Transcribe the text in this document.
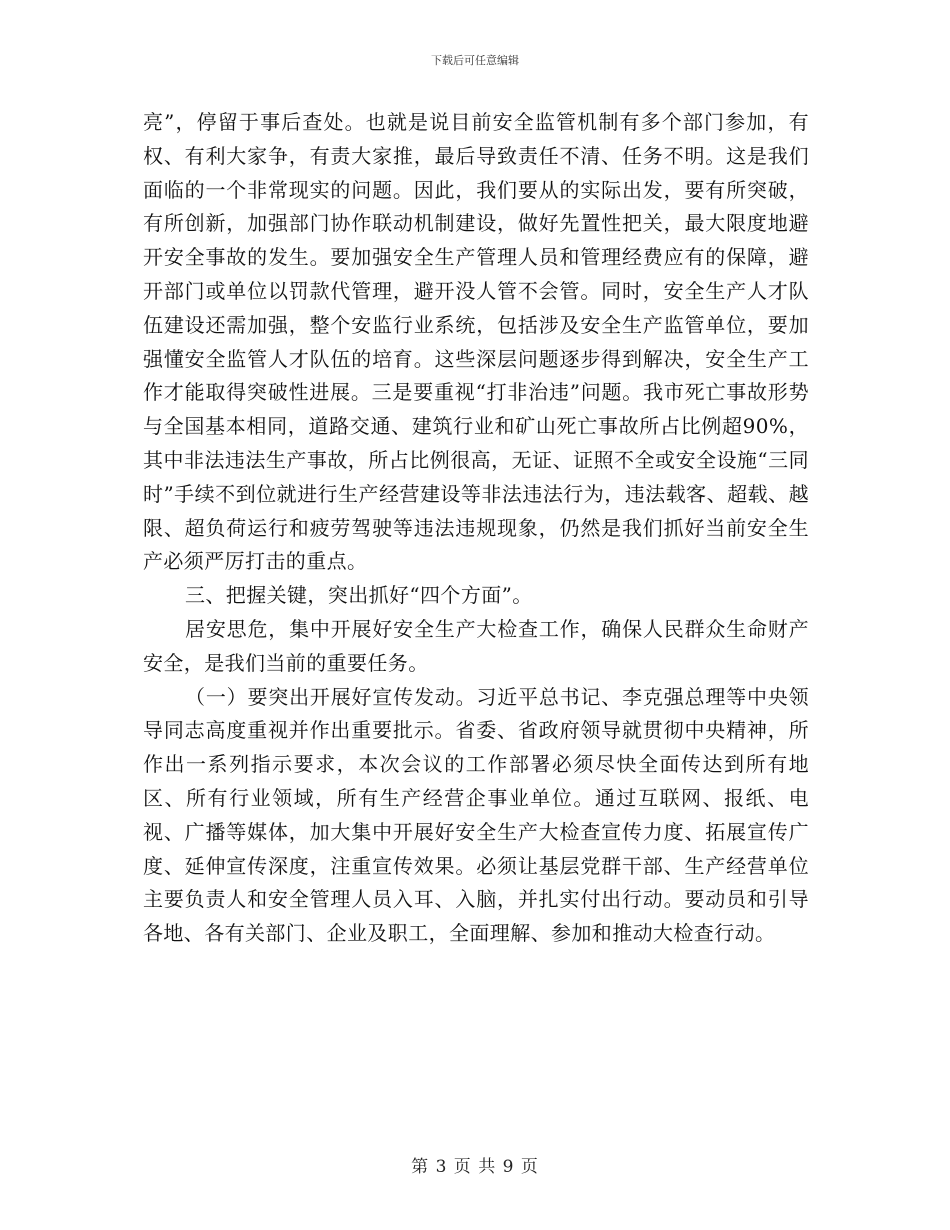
下载后可任意编辑

亮”，停留于事后查处。也就是说目前安全监管机制有多个部门参加，有权、有利大家争，有责大家推，最后导致责任不清、任务不明。这是我们面临的一个非常现实的问题。因此，我们要从的实际出发，要有所突破，有所创新，加强部门协作联动机制建设，做好先置性把关，最大限度地避开安全事故的发生。要加强安全生产管理人员和管理经费应有的保障，避开部门或单位以罚款代管理，避开没人管不会管。同时，安全生产人才队伍建设还需加强，整个安监行业系统，包括涉及安全生产监管单位，要加强懂安全监管人才队伍的培育。这些深层问题逐步得到解决，安全生产工作才能取得突破性进展。三是要重视“打非治违”问题。我市死亡事故形势与全国基本相同，道路交通、建筑行业和矿山死亡事故所占比例超90%，其中非法违法生产事故，所占比例很高，无证、证照不全或安全设施“三同时”手续不到位就进行生产经营建设等非法违法行为，违法载客、超载、越限、超负荷运行和疲劳驾驶等违法违规现象，仍然是我们抓好当前安全生产必须严厉打击的重点。

三、把握关键，突出抓好“四个方面”。

居安思危，集中开展好安全生产大检查工作，确保人民群众生命财产安全，是我们当前的重要任务。

（一）要突出开展好宣传发动。习近平总书记、李克强总理等中央领导同志高度重视并作出重要批示。省委、省政府领导就贯彻中央精神，所作出一系列指示要求，本次会议的工作部署必须尽快全面传达到所有地区、所有行业领域，所有生产经营企事业单位。通过互联网、报纸、电视、广播等媒体，加大集中开展好安全生产大检查宣传力度、拓展宣传广度、延伸宣传深度，注重宣传效果。必须让基层党群干部、生产经营单位主要负责人和安全管理人员入耳、入脑，并扎实付出行动。要动员和引导各地、各有关部门、企业及职工，全面理解、参加和推动大检查行动。

第 3 页 共 9 页
